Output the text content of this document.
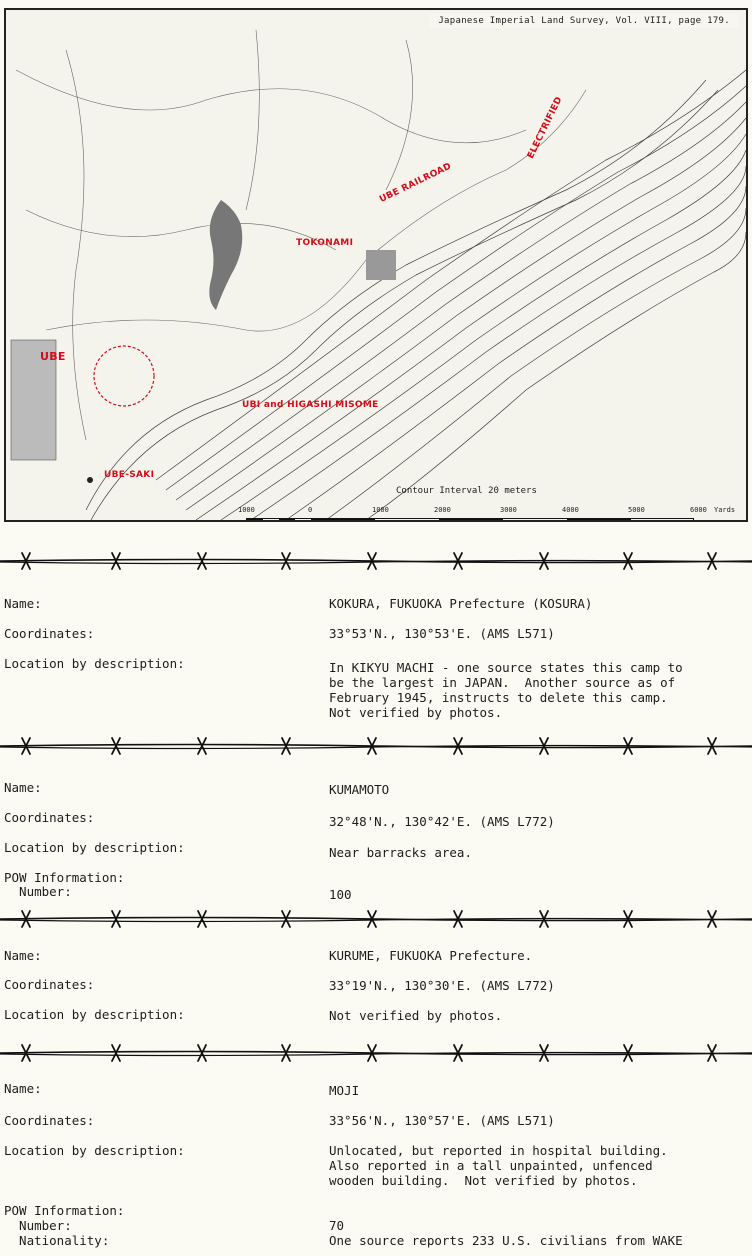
Japanese Imperial Land Survey, Vol. VIII, page 179.
UBE
TOKONAMI
UBE RAILROAD
ELECTRIFIED
UBI and HIGASHI MISOME
UBE-SAKI
Contour Interval 20 meters
1000	0	1000	2000	3000	4000	5000	6000 Yards
Name:	KOKURA, FUKUOKA Prefecture (KOSURA)
Coordinates:	33°53'N., 130°53'E. (AMS L571)
Location by description:	In KIKYU MACHI - one source states this camp to
be the largest in JAPAN.  Another source as of
February 1945, instructs to delete this camp.
Not verified by photos.
Name:	KUMAMOTO
Coordinates:	32°48'N., 130°42'E. (AMS L772)
Location by description:	Near barracks area.
POW Information:
Number:	100
Name:	KURUME, FUKUOKA Prefecture.
Coordinates:	33°19'N., 130°30'E. (AMS L772)
Location by description:	Not verified by photos.
Name:	MOJI
Coordinates:	33°56'N., 130°57'E. (AMS L571)
Location by description:	Unlocated, but reported in hospital building.
Also reported in a tall unpainted, unfenced
wooden building.  Not verified by photos.
POW Information:
Number:	70
Nationality:	One source reports 233 U.S. civilians from WAKE
